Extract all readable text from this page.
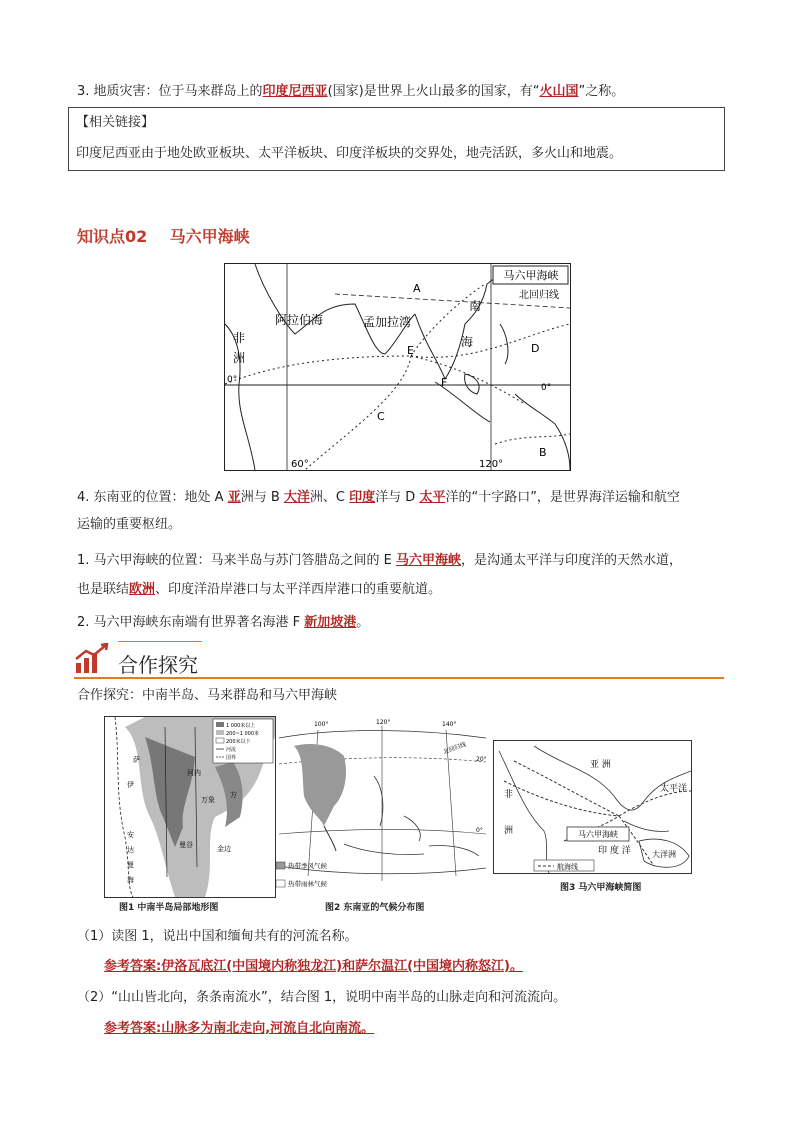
3. 地质灾害：位于马来群岛上的印度尼西亚(国家)是世界上火山最多的国家，有“火山国”之称。
【相关链接】
印度尼西亚由于地处欧亚板块、太平洋板块、印度洋板块的交界处，地壳活跃，多火山和地震。
知识点02 马六甲海峡
马六甲海峡
北回归线
阿拉伯海	孟加拉湾
非
洲
南
海
A
B
C
D
E
F
0°
0°
60°	120°
4. 东南亚的位置：地处 A 亚洲与 B 大洋洲、C 印度洋与 D 太平洋的“十字路口”，是世界海洋运输和航空
运输的重要枢纽。
1. 马六甲海峡的位置：马来半岛与苏门答腊岛之间的 E 马六甲海峡，是沟通太平洋与印度洋的天然水道，
也是联结欧洲、印度洋沿岸港口与太平洋西岸港口的重要航道。
2. 马六甲海峡东南端有世界著名海港 F 新加坡港。
合作探究
合作探究：中南半岛、马来群岛和马六甲海峡
1 000米以上
200~1 000米
200米以下
河流
国界
萨
伊
河内
方
万象
曼谷	金边
安
达
曼
海
图1 中南半岛局部地形图
100°	120°	140°
20°
0°
北回归线
热带季风气候
热带雨林气候
图2 东南亚的气候分布图
亚 洲
太平洋
非
洲
印 度 洋	大洋洲
马六甲海峡
航海线
图3 马六甲海峡简图
（1）读图 1，说出中国和缅甸共有的河流名称。
参考答案:伊洛瓦底江(中国境内称独龙江)和萨尔温江(中国境内称怒江)。
（2）“山山皆北向，条条南流水”，结合图 1，说明中南半岛的山脉走向和河流流向。
参考答案:山脉多为南北走向,河流自北向南流。
